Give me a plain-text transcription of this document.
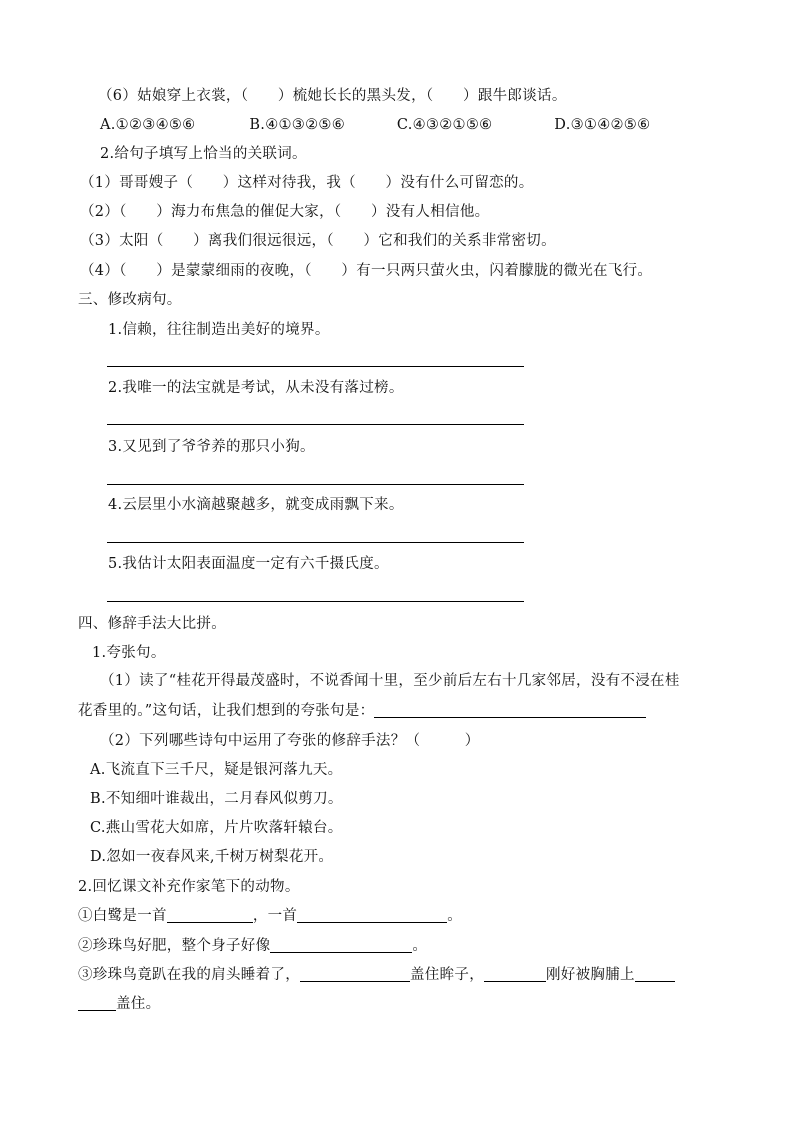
（6）姑娘穿上衣裳，（　　）梳她长长的黑头发，（　　）跟牛郎谈话。
A.①②③④⑤⑥	B.④①③②⑤⑥	C.④③②①⑤⑥	D.③①④②⑤⑥
2.给句子填写上恰当的关联词。
（1）哥哥嫂子（　　）这样对待我，我（　　）没有什么可留恋的。
（2）（　　）海力布焦急的催促大家，（　　）没有人相信他。
（3）太阳（　　）离我们很远很远，（　　）它和我们的关系非常密切。
（4）（　　）是蒙蒙细雨的夜晚，（　　）有一只两只萤火虫，闪着朦胧的微光在飞行。
三、修改病句。
1.信赖，往往制造出美好的境界。
2.我唯一的法宝就是考试，从未没有落过榜。
3.又见到了爷爷养的那只小狗。
4.云层里小水滴越聚越多，就变成雨飘下来。
5.我估计太阳表面温度一定有六千摄氏度。
四、修辞手法大比拼。
1.夸张句。
（1）读了“桂花开得最茂盛时，不说香闻十里，至少前后左右十几家邻居，没有不浸在桂
花香里的。”这句话，让我们想到的夸张句是：
（2）下列哪些诗句中运用了夸张的修辞手法？（　　　）
A.飞流直下三千尺，疑是银河落九天。
B.不知细叶谁裁出，二月春风似剪刀。
C.燕山雪花大如席，片片吹落轩辕台。
D.忽如一夜春风来,千树万树梨花开。
2.回忆课文补充作家笔下的动物。
①白鹭是一首	，一首	。
②珍珠鸟好肥，整个身子好像	。
③珍珠鸟竟趴在我的肩头睡着了，	盖住眸子，	刚好被胸脯上
盖住。
